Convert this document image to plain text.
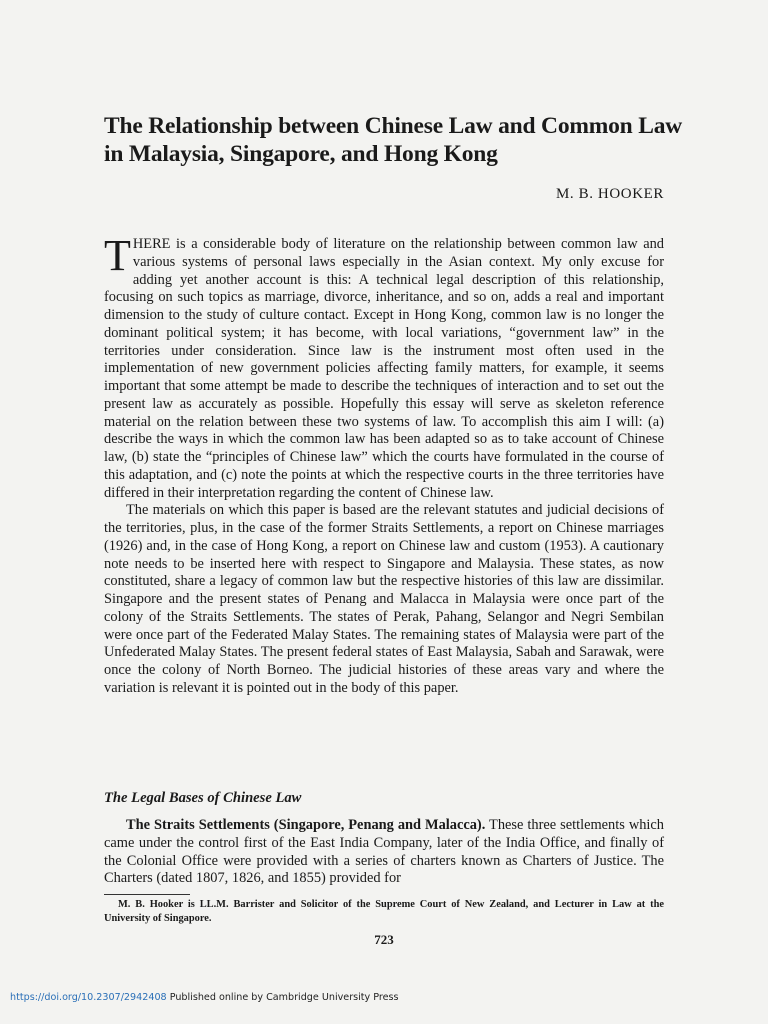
The Relationship between Chinese Law and Common Law in Malaysia, Singapore, and Hong Kong

M. B. HOOKER

THERE is a considerable body of literature on the relationship between common law and various systems of personal laws especially in the Asian context. My only excuse for adding yet another account is this: A technical legal description of this relationship, focusing on such topics as marriage, divorce, inheritance, and so on, adds a real and important dimension to the study of culture contact. Except in Hong Kong, common law is no longer the dominant political system; it has become, with local variations, “government law” in the territories under consideration. Since law is the instrument most often used in the implementation of new government policies affecting family matters, for example, it seems important that some attempt be made to describe the techniques of interaction and to set out the present law as accurately as possible. Hopefully this essay will serve as skeleton reference material on the relation between these two systems of law. To accomplish this aim I will: (a) describe the ways in which the common law has been adapted so as to take account of Chinese law, (b) state the “principles of Chinese law” which the courts have formulated in the course of this adaptation, and (c) note the points at which the respective courts in the three territories have differed in their interpretation regarding the content of Chinese law.

The materials on which this paper is based are the relevant statutes and judicial decisions of the territories, plus, in the case of the former Straits Settlements, a report on Chinese marriages (1926) and, in the case of Hong Kong, a report on Chinese law and custom (1953). A cautionary note needs to be inserted here with respect to Singapore and Malaysia. These states, as now constituted, share a legacy of common law but the respective histories of this law are dissimilar. Singapore and the present states of Penang and Malacca in Malaysia were once part of the colony of the Straits Settlements. The states of Perak, Pahang, Selangor and Negri Sembilan were once part of the Federated Malay States. The remaining states of Malaysia were part of the Unfederated Malay States. The present federal states of East Malaysia, Sabah and Sarawak, were once the colony of North Borneo. The judicial histories of these areas vary and where the variation is relevant it is pointed out in the body of this paper.

The Legal Bases of Chinese Law

The Straits Settlements (Singapore, Penang and Malacca). These three settlements which came under the control first of the East India Company, later of the India Office, and finally of the Colonial Office were provided with a series of charters known as Charters of Justice. The Charters (dated 1807, 1826, and 1855) provided for

M. B. Hooker is LL.M. Barrister and Solicitor of the Supreme Court of New Zealand, and Lecturer in Law at the University of Singapore.

723

https://doi.org/10.2307/2942408 Published online by Cambridge University Press
